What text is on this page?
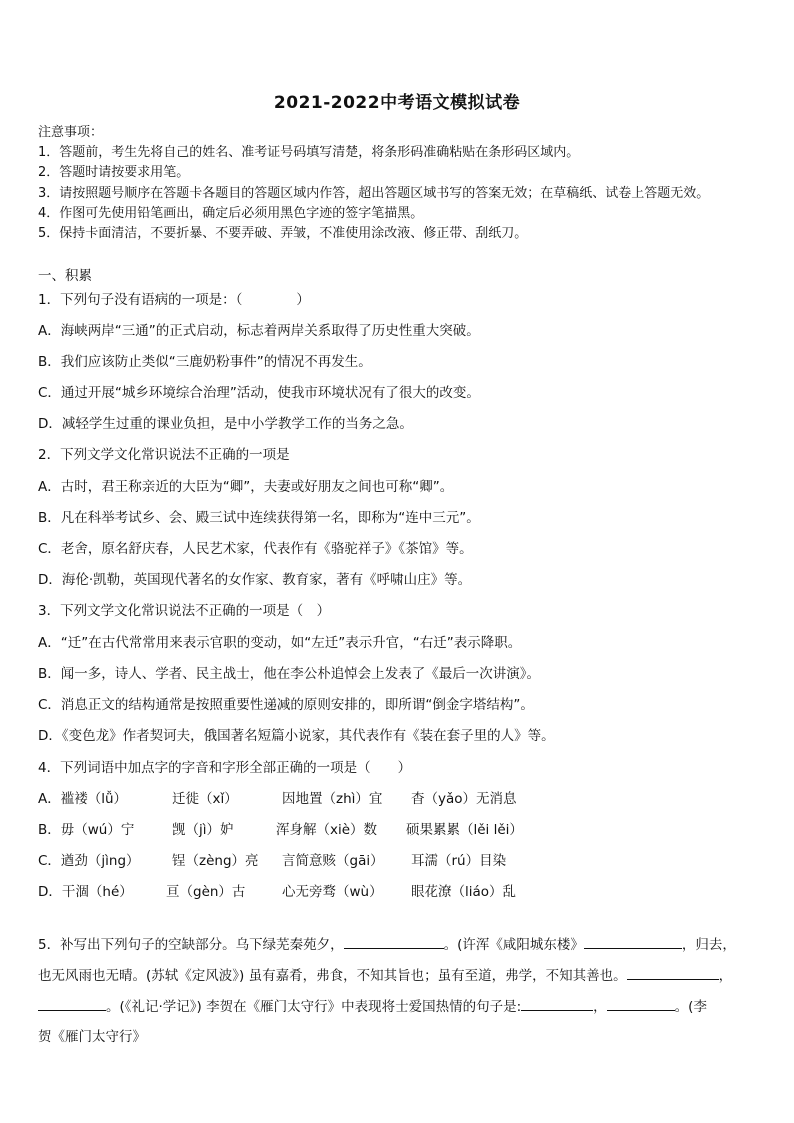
2021-2022中考语文模拟试卷
注意事项：
1．答题前，考生先将自己的姓名、准考证号码填写清楚，将条形码准确粘贴在条形码区域内。
2．答题时请按要求用笔。
3．请按照题号顺序在答题卡各题目的答题区域内作答，超出答题区域书写的答案无效；在草稿纸、试卷上答题无效。
4．作图可先使用铅笔画出，确定后必须用黑色字迹的签字笔描黑。
5．保持卡面清洁，不要折暴、不要弄破、弄皱，不准使用涂改液、修正带、刮纸刀。
一、积累
1．下列句子没有语病的一项是：（　　　　）
A．海峡两岸“三通”的正式启动，标志着两岸关系取得了历史性重大突破。
B．我们应该防止类似“三鹿奶粉事件”的情况不再发生。
C．通过开展“城乡环境综合治理”活动，使我市环境状况有了很大的改变。
D．减轻学生过重的课业负担，是中小学教学工作的当务之急。
2．下列文学文化常识说法不正确的一项是
A．古时，君王称亲近的大臣为“卿”，夫妻或好朋友之间也可称“卿”。
B．凡在科举考试乡、会、殿三试中连续获得第一名，即称为“连中三元”。
C．老舍，原名舒庆春，人民艺术家，代表作有《骆驼祥子》《茶馆》等。
D．海伦·凯勒，英国现代著名的女作家、教育家，著有《呼啸山庄》等。
3．下列文学文化常识说法不正确的一项是（　）
A．“迁”在古代常常用来表示官职的变动，如“左迁”表示升官，“右迁”表示降职。
B．闻一多，诗人、学者、民主战士，他在李公朴追悼会上发表了《最后一次讲演》。
C．消息正文的结构通常是按照重要性递减的原则安排的，即所谓“倒金字塔结构”。
D．《变色龙》作者契诃夫，俄国著名短篇小说家，其代表作有《装在套子里的人》等。
4．下列词语中加点字的字音和字形全部正确的一项是（　　）
A．褴褛（lǚ）	迁徙（xǐ）	因地置（zhì）宜 杳（yǎo）无消息
B．毋（wú）宁	觊（jì）妒	浑身解（xiè）数 硕果累累（lěi lěi）
C．遒劲（jìng） 锃（zèng）亮 言简意赅（gāi） 耳濡（rú）目染
D．干涸（hé） 亘（gèn）古	心无旁骛（wù） 眼花潦（liáo）乱
5．补写出下列句子的空缺部分。乌下绿芜秦苑夕，	。(许浑《咸阳城东楼》	，归去，
也无风雨也无晴。(苏轼《定风波》) 虽有嘉肴，弗食，不知其旨也；虽有至道，弗学，不知其善也。	，
。(《礼记·学记》) 李贺在《雁门太守行》中表现将士爱国热情的句子是:	，	。(李
贺《雁门太守行》
